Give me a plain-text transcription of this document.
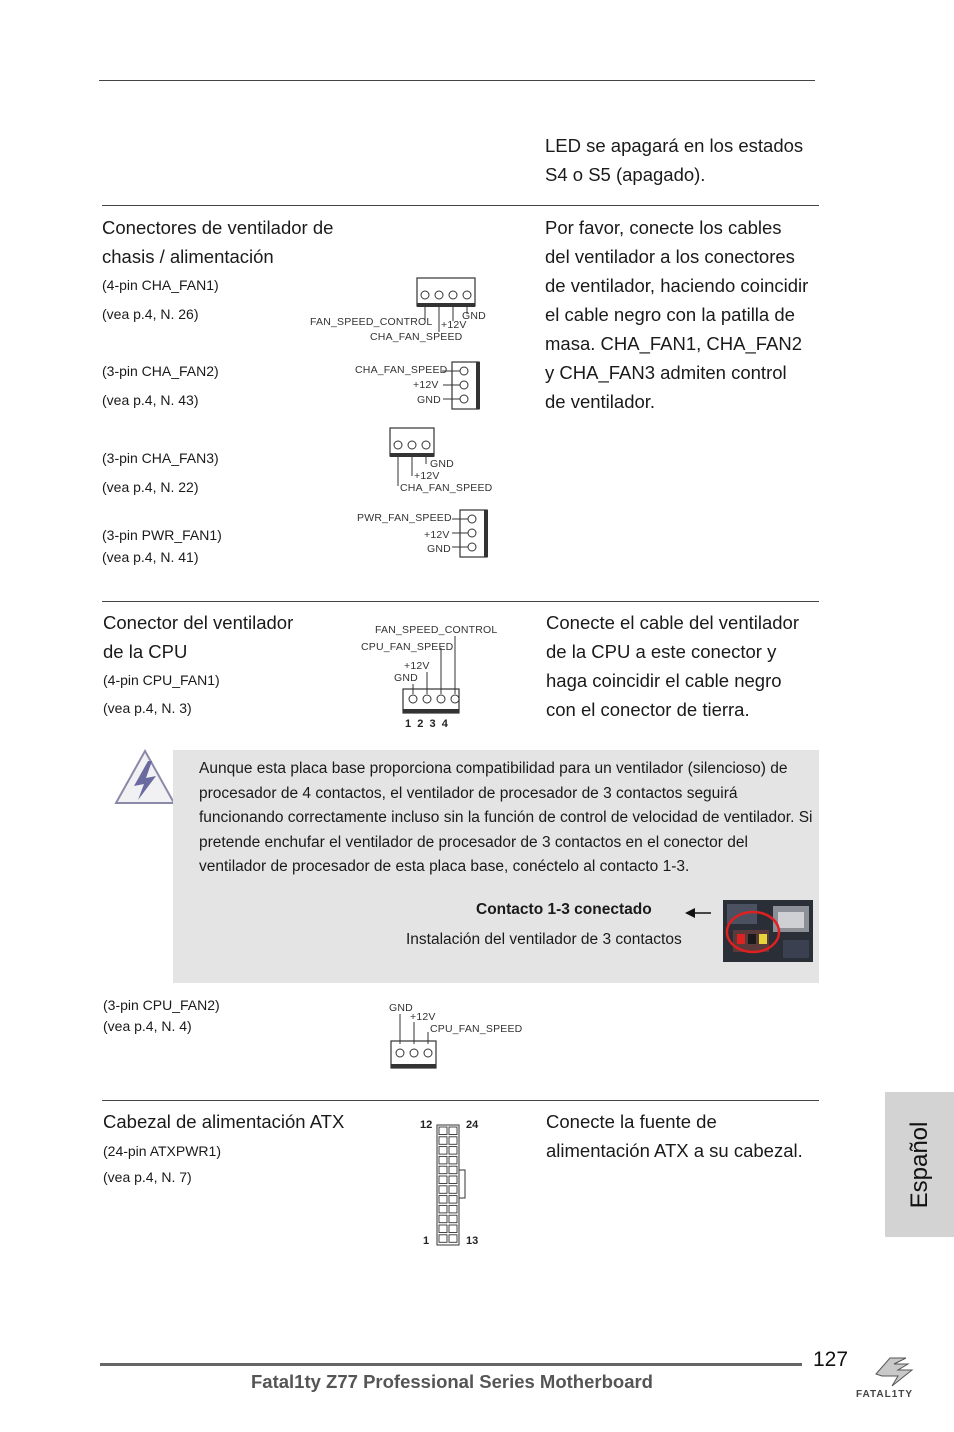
LED se apagará en los estados
S4 o S5 (apagado).
Conectores de ventilador de
chasis / alimentación
(4-pin CHA_FAN1)
(vea p.4, N. 26)
(3-pin CHA_FAN2)
(vea p.4, N. 43)
(3-pin CHA_FAN3)
(vea p.4, N. 22)
(3-pin PWR_FAN1)
(vea p.4, N. 41)
Por favor, conecte los cables
del ventilador a los conectores
de ventilador, haciendo coincidir
el cable negro con la patilla de
masa. CHA_FAN1, CHA_FAN2
y CHA_FAN3 admiten control
de ventilador.
FAN_SPEED_CONTROL	GND
+12V
CHA_FAN_SPEED
CHA_FAN_SPEED
+12V
GND
GND
+12V
CHA_FAN_SPEED
PWR_FAN_SPEED
+12V
GND
Conector del ventilador
de la CPU
(4-pin CPU_FAN1)
(vea p.4, N. 3)
Conecte el cable del ventilador
de la CPU a este conector y
haga coincidir el cable negro
con el conector de tierra.
FAN_SPEED_CONTROL
CPU_FAN_SPEED
+12V
GND
1  2  3  4
Aunque esta placa base proporciona compatibilidad para un ventilador (silencioso) de procesador de 4 contactos, el ventilador de procesador de 3 contactos seguirá funcionando correctamente incluso sin la función de control de velocidad de ventilador. Si pretende enchufar el ventilador de procesador de 3 contactos en el conector del ventilador de procesador de esta placa base, conéctelo al contacto 1-3.
Contacto 1-3 conectado
Instalación del ventilador de 3 contactos
(3-pin CPU_FAN2)
(vea p.4, N. 4)
GND
+12V
CPU_FAN_SPEED
Cabezal de alimentación ATX
(24-pin ATXPWR1)
(vea p.4, N. 7)
Conecte la fuente de
alimentación ATX a su cabezal.
12	24
1	13
Español
127
Fatal1ty Z77 Professional Series Motherboard
FATAL1TY
